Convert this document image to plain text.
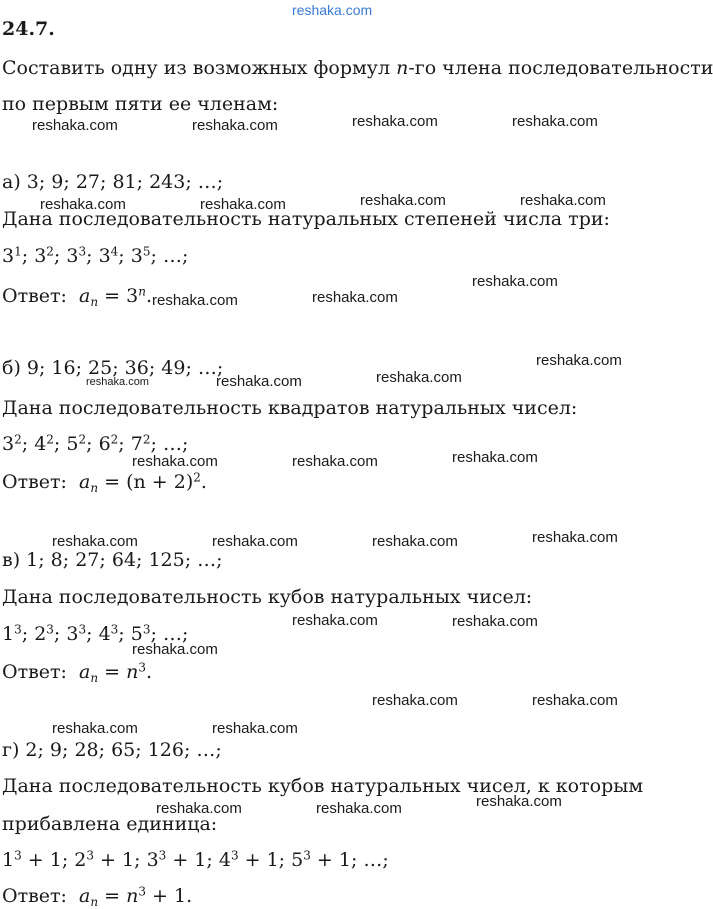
reshaka.com
24.7.
Составить одну из возможных формул n-го члена последовательности
по первым пяти ее членам:
а) 3; 9; 27; 81; 243; …;
Дана последовательность натуральных степеней числа три:
$3^1$; $3^2$; $3^3$; $3^4$; $3^5$; …;
Ответ: $a_n = 3^n$.
б) 9; 16; 25; 36; 49; …;
Дана последовательность квадратов натуральных чисел:
$3^2$; $4^2$; $5^2$; $6^2$; $7^2$; …;
Ответ: $a_n = (n + 2)^2$.
в) 1; 8; 27; 64; 125; …;
Дана последовательность кубов натуральных чисел:
$1^3$; $2^3$; $3^3$; $4^3$; $5^3$; …;
Ответ: $a_n = n^3$.
г) 2; 9; 28; 65; 126; …;
Дана последовательность кубов натуральных чисел, к которым
прибавлена единица:
$1^3 + 1$; $2^3 + 1$; $3^3 + 1$; $4^3 + 1$; $5^3 + 1$; …;
Ответ: $a_n = n^3 + 1$.
reshaka.com	reshaka.com	reshaka.com	reshaka.com
reshaka.com	reshaka.com	reshaka.com	reshaka.com
reshaka.com	reshaka.com
reshaka.com
reshaka.com
reshaka.com	reshaka.com	reshaka.com
reshaka.com	reshaka.com	reshaka.com
reshaka.com	reshaka.com	reshaka.com	reshaka.com
reshaka.com	reshaka.com
reshaka.com
reshaka.com	reshaka.com
reshaka.com	reshaka.com
reshaka.com
reshaka.com	reshaka.com
